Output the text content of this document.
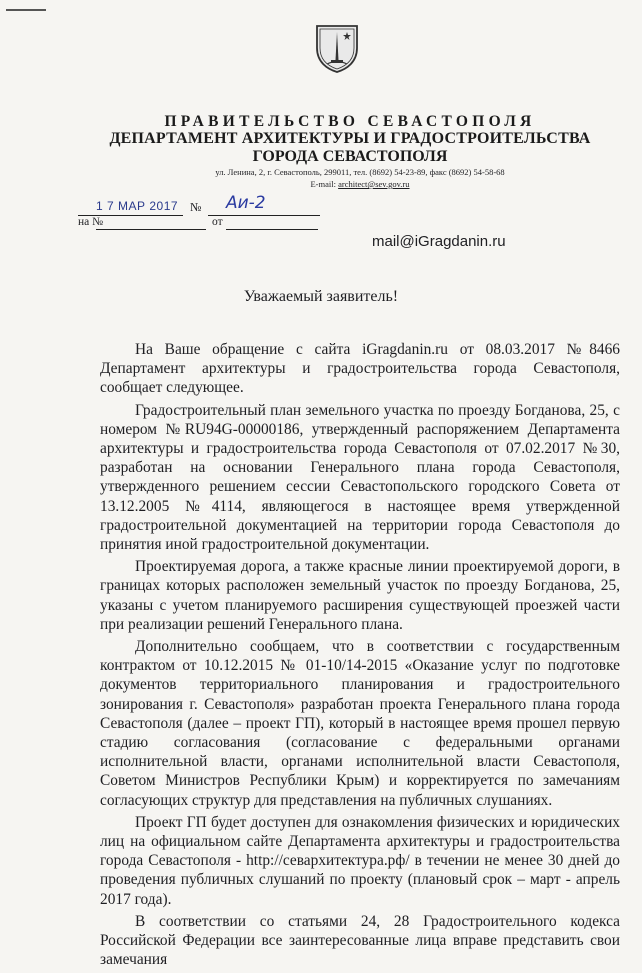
ПРАВИТЕЛЬСТВО СЕВАСТОПОЛЯ
ДЕПАРТАМЕНТ АРХИТЕКТУРЫ И ГРАДОСТРОИТЕЛЬСТВА
ГОРОДА СЕВАСТОПОЛЯ
ул. Ленина, 2, г. Севастополь, 299011, тел. (8692) 54-23-89, факс (8692) 54-58-68
E-mail: architect@sev.gov.ru
1 7 МАР 2017 № Аи-2
на №	от
mail@iGragdanin.ru
Уважаемый заявитель!

На Ваше обращение с сайта iGragdanin.ru от 08.03.2017 №8466 Департамент архитектуры и градостроительства города Севастополя, сообщает следующее.

Градостроительный план земельного участка по проезду Богданова, 25, с номером №RU94G-00000186, утвержденный распоряжением Департамента архитектуры и градостроительства города Севастополя от 07.02.2017 №30, разработан на основании Генерального плана города Севастополя, утвержденного решением сессии Севастопольского городского Совета от 13.12.2005 №4114, являющегося в настоящее время утвержденной градостроительной документацией на территории города Севастополя до принятия иной градостроительной документации.

Проектируемая дорога, а также красные линии проектируемой дороги, в границах которых расположен земельный участок по проезду Богданова, 25, указаны с учетом планируемого расширения существующей проезжей части при реализации решений Генерального плана.

Дополнительно сообщаем, что в соответствии с государственным контрактом от 10.12.2015 № 01-10/14-2015 «Оказание услуг по подготовке документов территориального планирования и градостроительного зонирования г. Севастополя» разработан проекта Генерального плана города Севастополя (далее – проект ГП), который в настоящее время прошел первую стадию согласования (согласование с федеральными органами исполнительной власти, органами исполнительной власти Севастополя, Советом Министров Республики Крым) и корректируется по замечаниям согласующих структур для представления на публичных слушаниях.

Проект ГП будет доступен для ознакомления физических и юридических лиц на официальном сайте Департамента архитектуры и градостроительства города Севастополя - http://севархитектура.рф/ в течении не менее 30 дней до проведения публичных слушаний по проекту (плановый срок – март - апрель 2017 года).

В соответствии со статьями 24, 28 Градостроительного кодекса Российской Федерации все заинтересованные лица вправе представить свои замечания
